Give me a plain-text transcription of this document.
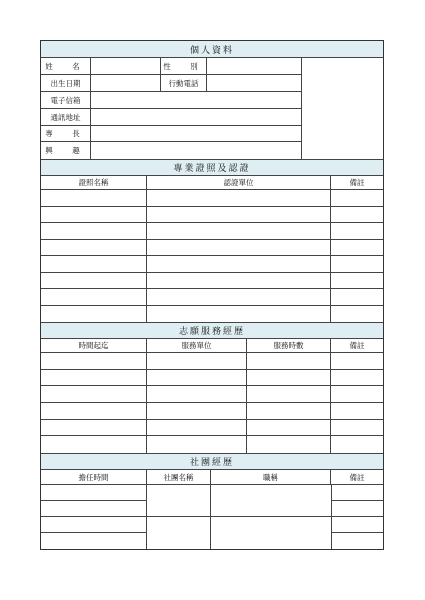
個人資料
姓　名	性　別
出生日期	行動電話
電子信箱
通訊地址
專　長
興　趣
專業證照及認證
證照名稱	認證單位	備註
志願服務經歷
時間起迄	服務單位	服務時數	備註
社團經歷
擔任時間	社團名稱	職稱	備註
